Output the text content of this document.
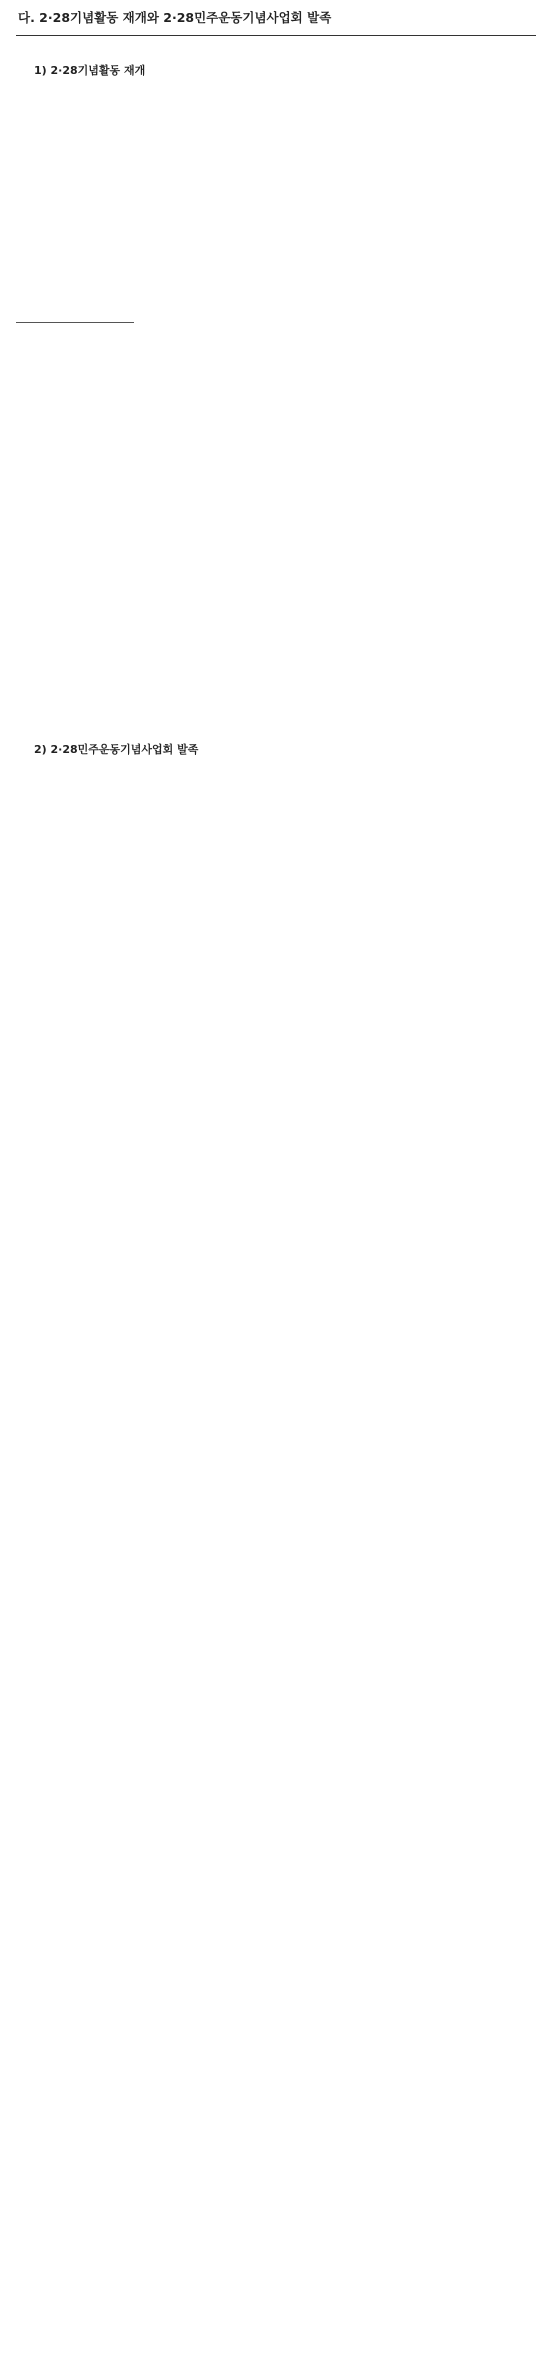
다. 2·28기념활동 재개와 2·28민주운동기념사업회 발족
1) 2·28기념활동 재개

2) 2·28민주운동기념사업회 발족
